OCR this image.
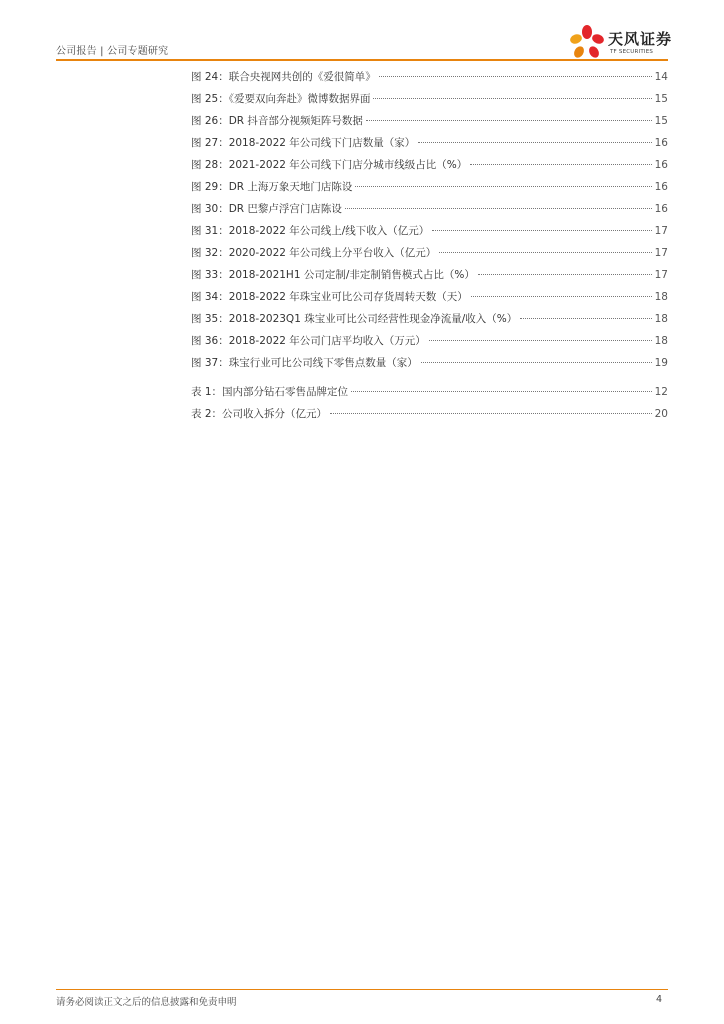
公司报告 | 公司专题研究
天风证券
TF SECURITIES
图 24：联合央视网共创的《爱很简单》	14
图 25：《爱要双向奔赴》微博数据界面	15
图 26：DR 抖音部分视频矩阵号数据	15
图 27：2018-2022 年公司线下门店数量（家）	16
图 28：2021-2022 年公司线下门店分城市线级占比（%）	16
图 29：DR 上海万象天地门店陈设	16
图 30：DR 巴黎卢浮宫门店陈设	16
图 31：2018-2022 年公司线上/线下收入（亿元）	17
图 32：2020-2022 年公司线上分平台收入（亿元）	17
图 33：2018-2021H1 公司定制/非定制销售模式占比（%）	17
图 34：2018-2022 年珠宝业可比公司存货周转天数（天）	18
图 35：2018-2023Q1 珠宝业可比公司经营性现金净流量/收入（%）	18
图 36：2018-2022 年公司门店平均收入（万元）	18
图 37：珠宝行业可比公司线下零售点数量（家）	19
表 1：国内部分钻石零售品牌定位	12
表 2：公司收入拆分（亿元）	20
请务必阅读正文之后的信息披露和免责申明	4
